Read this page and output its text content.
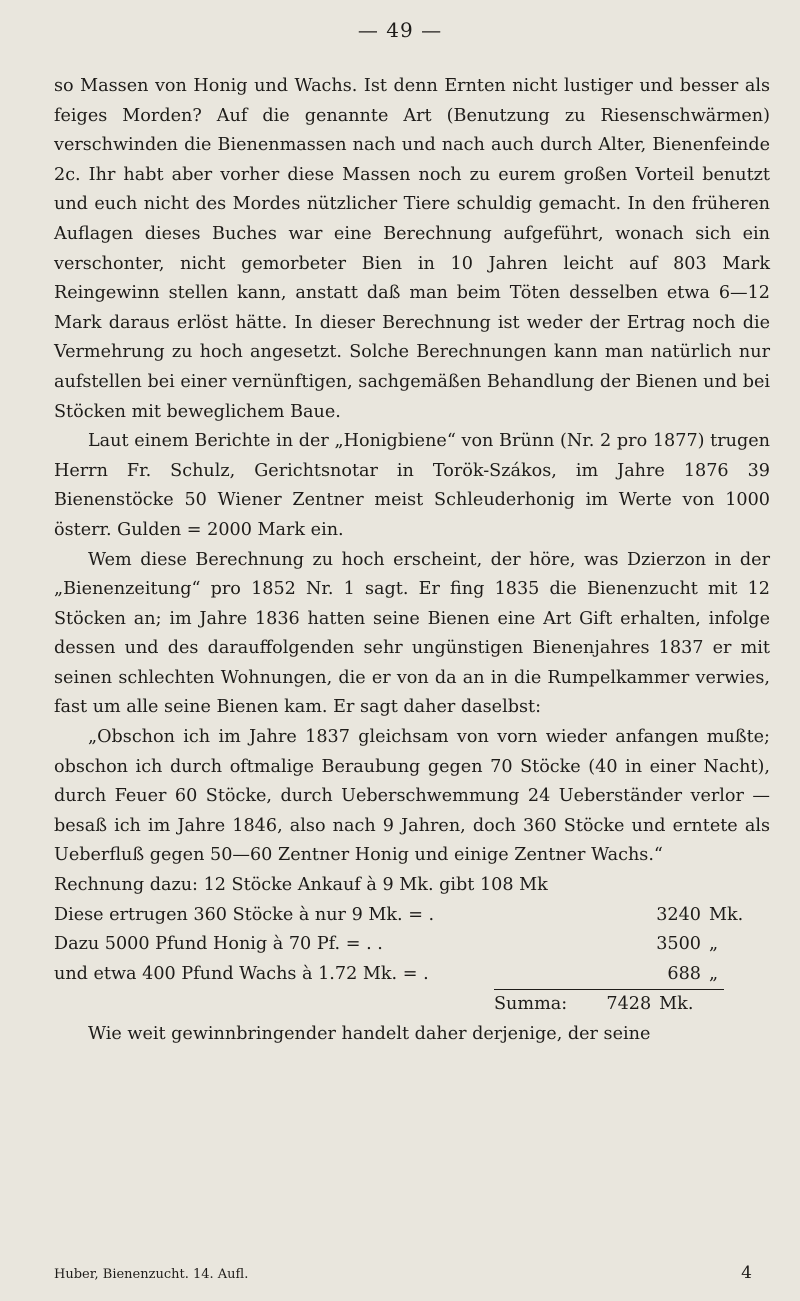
— 49 —

so Massen von Honig und Wachs. Ist denn Ernten nicht lustiger und besser als feiges Morden? Auf die genannte Art (Benutzung zu Riesenschwärmen) verschwinden die Bienenmassen nach und nach auch durch Alter, Bienenfeinde 2c. Ihr habt aber vorher diese Massen noch zu eurem großen Vorteil benutzt und euch nicht des Mordes nützlicher Tiere schuldig gemacht. In den früheren Auflagen dieses Buches war eine Berechnung aufgeführt, wonach sich ein verschonter, nicht gemorbeter Bien in 10 Jahren leicht auf 803 Mark Reingewinn stellen kann, anstatt daß man beim Töten desselben etwa 6—12 Mark daraus erlöst hätte. In dieser Berechnung ist weder der Ertrag noch die Vermehrung zu hoch angesetzt. Solche Berechnungen kann man natürlich nur aufstellen bei einer vernünftigen, sachgemäßen Behandlung der Bienen und bei Stöcken mit beweglichem Baue.

Laut einem Berichte in der „Honigbiene“ von Brünn (Nr. 2 pro 1877) trugen Herrn Fr. Schulz, Gerichtsnotar in Torök-Szákos, im Jahre 1876 39 Bienenstöcke 50 Wiener Zentner meist Schleuderhonig im Werte von 1000 österr. Gulden = 2000 Mark ein.

Wem diese Berechnung zu hoch erscheint, der höre, was Dzierzon in der „Bienenzeitung“ pro 1852 Nr. 1 sagt. Er fing 1835 die Bienenzucht mit 12 Stöcken an; im Jahre 1836 hatten seine Bienen eine Art Gift erhalten, infolge dessen und des darauffolgenden sehr ungünstigen Bienenjahres 1837 er mit seinen schlechten Wohnungen, die er von da an in die Rumpelkammer verwies, fast um alle seine Bienen kam. Er sagt daher daselbst:

„Obschon ich im Jahre 1837 gleichsam von vorn wieder anfangen mußte; obschon ich durch oftmalige Beraubung gegen 70 Stöcke (40 in einer Nacht), durch Feuer 60 Stöcke, durch Ueberschwemmung 24 Ueberständer verlor — besaß ich im Jahre 1846, also nach 9 Jahren, doch 360 Stöcke und erntete als Ueberfluß gegen 50—60 Zentner Honig und einige Zentner Wachs.“

Rechnung dazu: 12 Stöcke Ankauf à 9 Mk. gibt 108 Mk

Diese ertrugen 360 Stöcke à nur 9 Mk. = .	3240 Mk.
Dazu 5000 Pfund Honig à 70 Pf. = . .	3500 „
und etwa 400 Pfund Wachs à 1.72 Mk. = .	688 „
Summa:	7428 Mk.

Wie weit gewinnbringender handelt daher derjenige, der seine

Huber, Bienenzucht. 14. Aufl.	4
